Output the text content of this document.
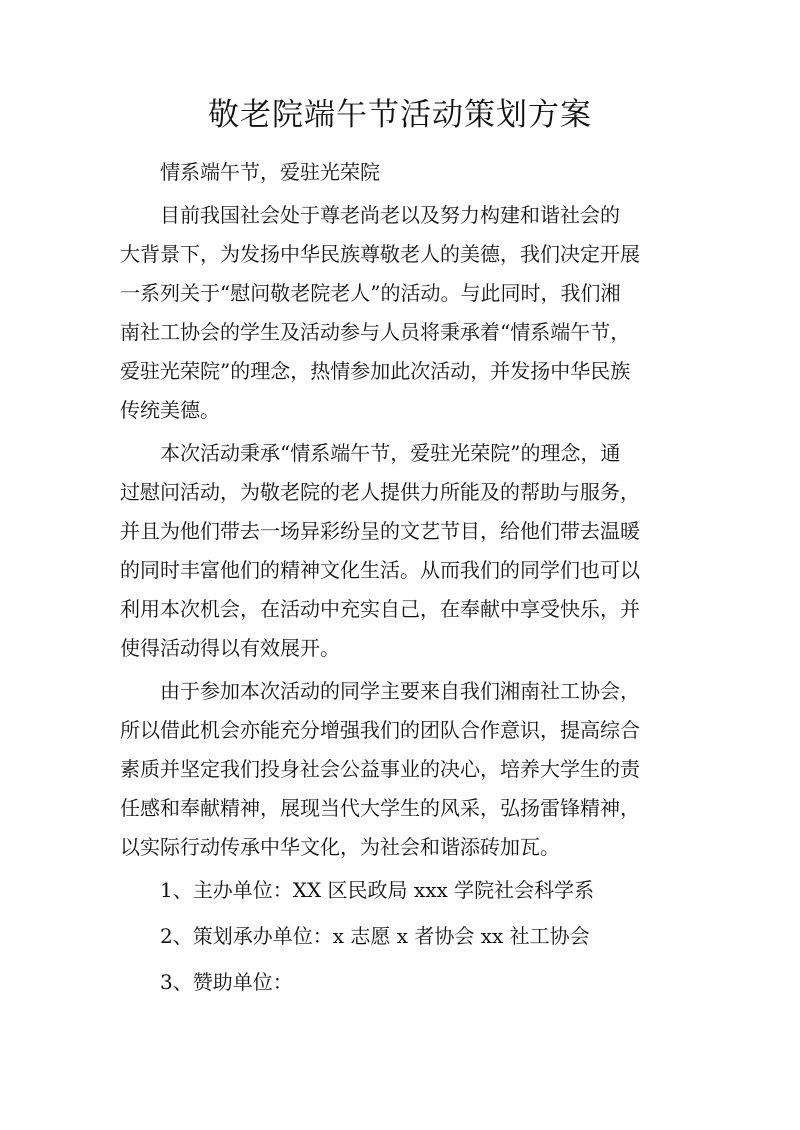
敬老院端午节活动策划方案

情系端午节，爱驻光荣院

目前我国社会处于尊老尚老以及努力构建和谐社会的
大背景下，为发扬中华民族尊敬老人的美德，我们决定开展
一系列关于“慰问敬老院老人”的活动。与此同时，我们湘
南社工协会的学生及活动参与人员将秉承着“情系端午节，
爱驻光荣院”的理念，热情参加此次活动，并发扬中华民族
传统美德。

本次活动秉承“情系端午节，爱驻光荣院”的理念，通
过慰问活动，为敬老院的老人提供力所能及的帮助与服务，
并且为他们带去一场异彩纷呈的文艺节目，给他们带去温暖
的同时丰富他们的精神文化生活。从而我们的同学们也可以
利用本次机会，在活动中充实自己，在奉献中享受快乐，并
使得活动得以有效展开。

由于参加本次活动的同学主要来自我们湘南社工协会，
所以借此机会亦能充分增强我们的团队合作意识，提高综合
素质并坚定我们投身社会公益事业的决心，培养大学生的责
任感和奉献精神，展现当代大学生的风采，弘扬雷锋精神，
以实际行动传承中华文化，为社会和谐添砖加瓦。

1、主办单位：XX 区民政局 xxx 学院社会科学系

2、策划承办单位：x 志愿 x 者协会 xx 社工协会

3、赞助单位：
